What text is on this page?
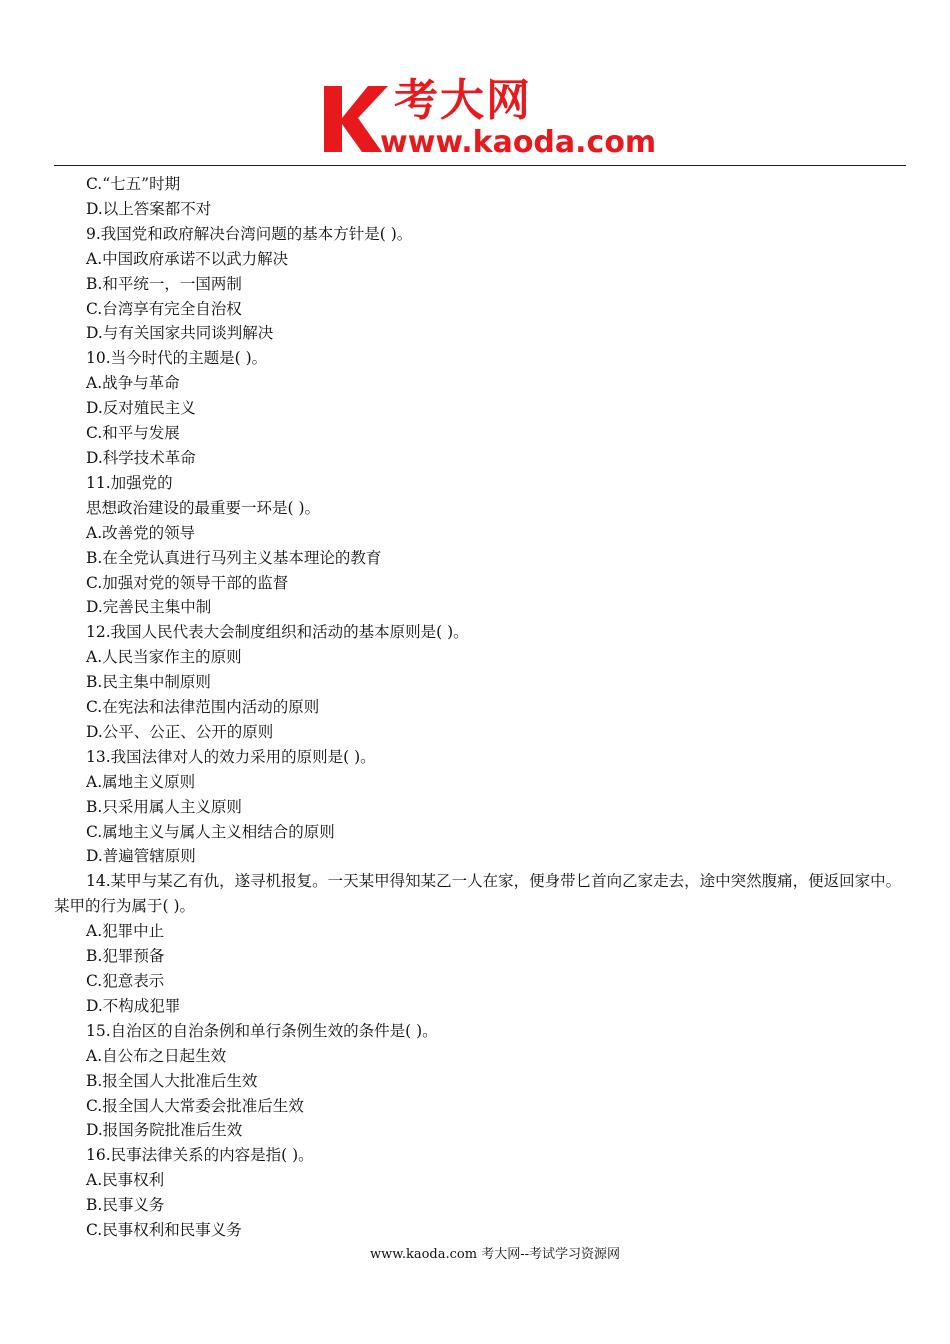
考大网
www.kaoda.com
C.“七五”时期
D.以上答案都不对
9.我国党和政府解决台湾问题的基本方针是( )。
A.中国政府承诺不以武力解决
B.和平统一，一国两制
C.台湾享有完全自治权
D.与有关国家共同谈判解决
10.当今时代的主题是( )。
A.战争与革命
D.反对殖民主义
C.和平与发展
D.科学技术革命
11.加强党的
思想政治建设的最重要一环是( )。
A.改善党的领导
B.在全党认真进行马列主义基本理论的教育
C.加强对党的领导干部的监督
D.完善民主集中制
12.我国人民代表大会制度组织和活动的基本原则是( )。
A.人民当家作主的原则
B.民主集中制原则
C.在宪法和法律范围内活动的原则
D.公平、公正、公开的原则
13.我国法律对人的效力采用的原则是( )。
A.属地主义原则
B.只采用属人主义原则
C.属地主义与属人主义相结合的原则
D.普遍管辖原则
14.某甲与某乙有仇，遂寻机报复。一天某甲得知某乙一人在家，便身带匕首向乙家走去，途中突然腹痛，便返回家中。某甲的行为属于( )。
A.犯罪中止
B.犯罪预备
C.犯意表示
D.不构成犯罪
15.自治区的自治条例和单行条例生效的条件是( )。
A.自公布之日起生效
B.报全国人大批准后生效
C.报全国人大常委会批准后生效
D.报国务院批准后生效
16.民事法律关系的内容是指( )。
A.民事权利
B.民事义务
C.民事权利和民事义务
www.kaoda.com 考大网--考试学习资源网
